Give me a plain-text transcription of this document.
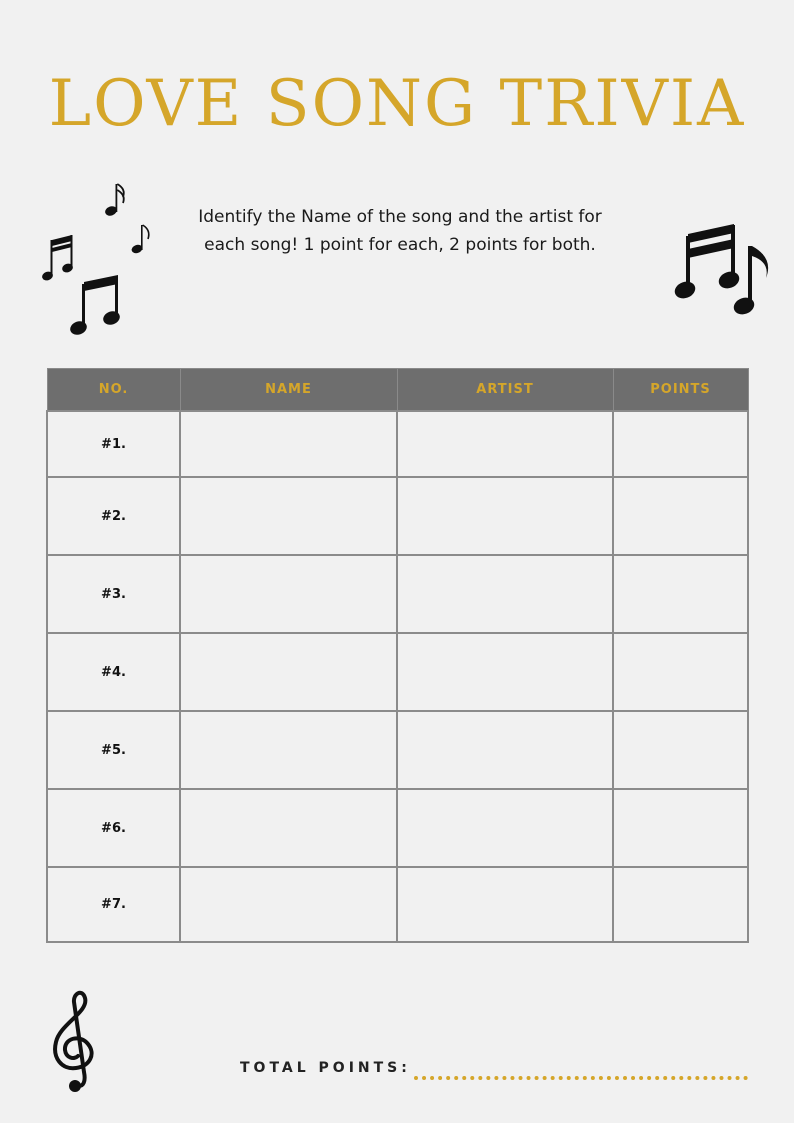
LOVE SONG TRIVIA
Identify the Name of the song and the artist for
each song! 1 point for each, 2 points for both.
NO.	NAME	ARTIST	POINTS
#1.			
#2.			
#3.			
#4.			
#5.			
#6.			
#7.			
TOTAL POINTS:
